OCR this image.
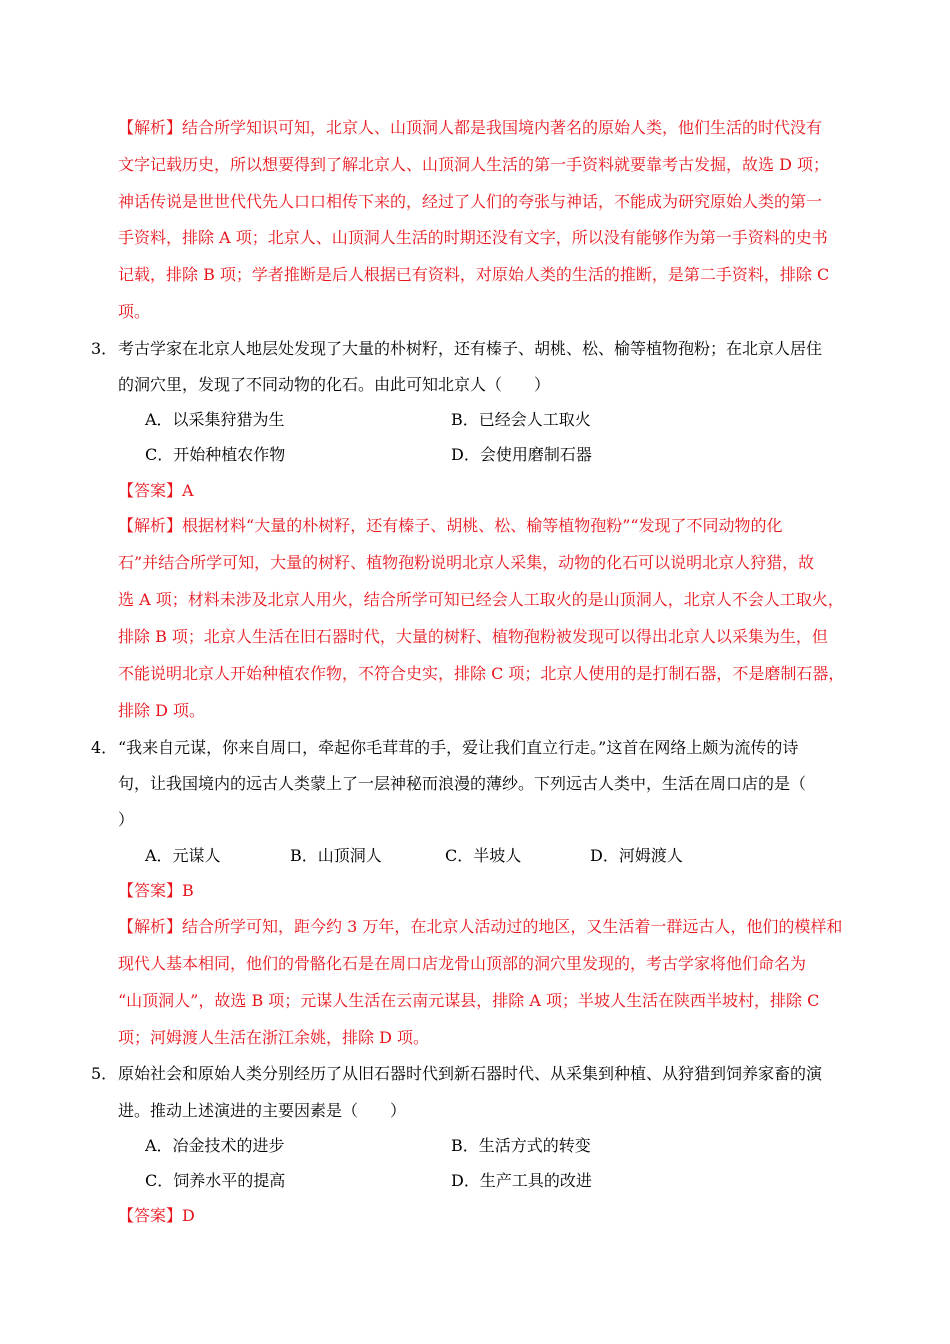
【解析】结合所学知识可知，北京人、山顶洞人都是我国境内著名的原始人类，他们生活的时代没有
文字记载历史，所以想要得到了解北京人、山顶洞人生活的第一手资料就要靠考古发掘，故选 D 项；
神话传说是世世代代先人口口相传下来的，经过了人们的夸张与神话，不能成为研究原始人类的第一
手资料，排除 A 项；北京人、山顶洞人生活的时期还没有文字，所以没有能够作为第一手资料的史书
记载，排除 B 项；学者推断是后人根据已有资料，对原始人类的生活的推断，是第二手资料，排除 C
项。
3． 考古学家在北京人地层处发现了大量的朴树籽，还有榛子、胡桃、松、榆等植物孢粉；在北京人居住
的洞穴里，发现了不同动物的化石。由此可知北京人（　　）
A．以采集狩猎为生	B．已经会人工取火
C．开始种植农作物	D．会使用磨制石器
【答案】A
【解析】根据材料“大量的朴树籽，还有榛子、胡桃、松、榆等植物孢粉”“发现了不同动物的化
石”并结合所学可知，大量的树籽、植物孢粉说明北京人采集，动物的化石可以说明北京人狩猎，故
选 A 项；材料未涉及北京人用火，结合所学可知已经会人工取火的是山顶洞人，北京人不会人工取火，
排除 B 项；北京人生活在旧石器时代，大量的树籽、植物孢粉被发现可以得出北京人以采集为生，但
不能说明北京人开始种植农作物，不符合史实，排除 C 项；北京人使用的是打制石器，不是磨制石器，
排除 D 项。
4． “我来自元谋，你来自周口，牵起你毛茸茸的手，爱让我们直立行走。”这首在网络上颇为流传的诗
句，让我国境内的远古人类蒙上了一层神秘而浪漫的薄纱。下列远古人类中，生活在周口店的是（
）
A．元谋人	B．山顶洞人	C．半坡人	D．河姆渡人
【答案】B
【解析】结合所学可知，距今约 3 万年，在北京人活动过的地区，又生活着一群远古人，他们的模样和
现代人基本相同，他们的骨骼化石是在周口店龙骨山顶部的洞穴里发现的，考古学家将他们命名为
“山顶洞人”，故选 B 项；元谋人生活在云南元谋县，排除 A 项；半坡人生活在陕西半坡村，排除 C
项；河姆渡人生活在浙江余姚，排除 D 项。
5． 原始社会和原始人类分别经历了从旧石器时代到新石器时代、从采集到种植、从狩猎到饲养家畜的演
进。推动上述演进的主要因素是（　　）
A．冶金技术的进步	B．生活方式的转变
C．饲养水平的提高	D．生产工具的改进
【答案】D
